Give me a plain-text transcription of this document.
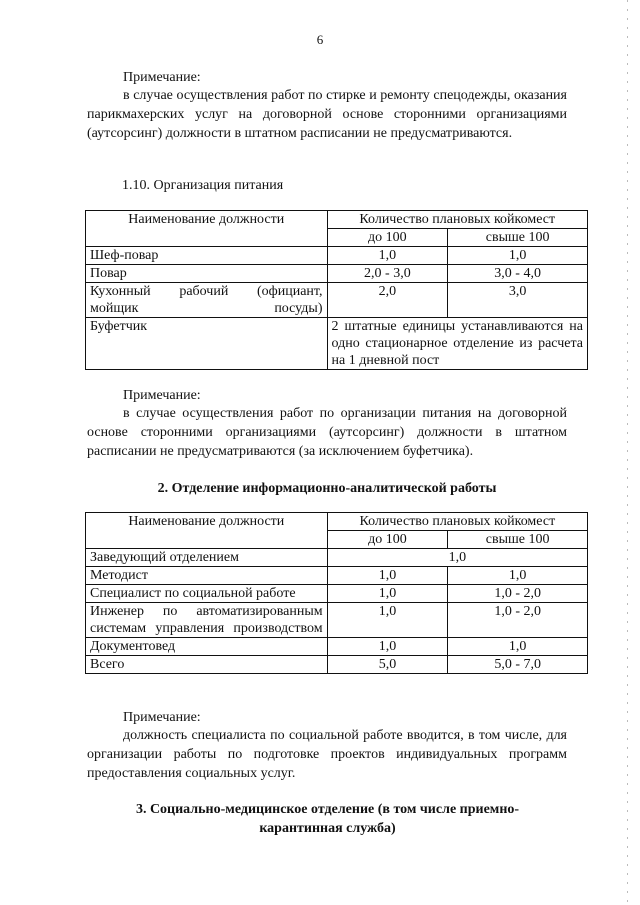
6

Примечание:

в случае осуществления работ по стирке и ремонту спецодежды, оказания парикмахерских услуг на договорной основе сторонними организациями (аутсорсинг) должности в штатном расписании не предусматриваются.

1.10. Организация питания
Наименование должности	Количество плановых койкомест	
	до 100	свыше 100
Шеф-повар	1,0	1,0
Повар	2,0 - 3,0	3,0 - 4,0
Кухонный рабочий (официант, мойщик посуды)	2,0	3,0
Буфетчик	2 штатные единицы устанавливаются на одно стационарное отделение из расчета на 1 дневной пост	

Примечание:

в случае осуществления работ по организации питания на договорной основе сторонними организациями (аутсорсинг) должности в штатном расписании не предусматриваются (за исключением буфетчика).

2. Отделение информационно-аналитической работы
Наименование должности	Количество плановых койкомест	
	до 100	свыше 100
Заведующий отделением	1,0	
Методист	1,0	1,0
Специалист по социальной работе	1,0	1,0 - 2,0
Инженер по автоматизированным системам управления производством	1,0	1,0 - 2,0
Документовед	1,0	1,0
Всего	5,0	5,0 - 7,0

Примечание:

должность специалиста по социальной работе вводится, в том числе, для организации работы по подготовке проектов индивидуальных программ предоставления социальных услуг.

3. Социально-медицинское отделение (в том числе приемно-карантинная служба)
